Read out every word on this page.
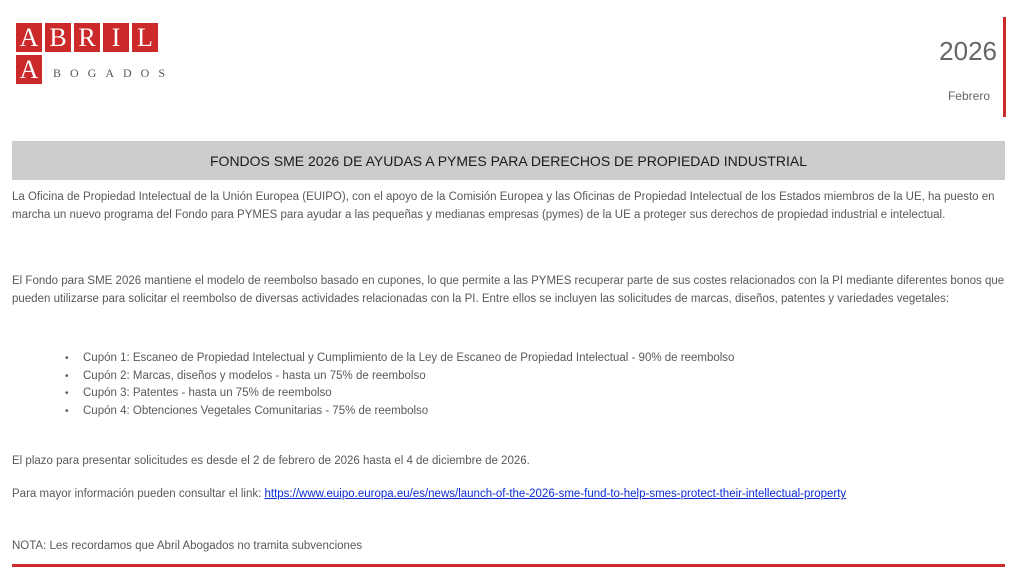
A B R I L
A	BOGADOS
2026
Febrero
FONDOS SME 2026 DE AYUDAS A PYMES PARA DERECHOS DE PROPIEDAD INDUSTRIAL

La Oficina de Propiedad Intelectual de la Unión Europea (EUIPO), con el apoyo de la Comisión Europea y las Oficinas de Propiedad Intelectual de los Estados miembros de la UE, ha puesto en marcha un nuevo programa del Fondo para PYMES para ayudar a las pequeñas y medianas empresas (pymes) de la UE a proteger sus derechos de propiedad industrial e intelectual.

El Fondo para SME 2026 mantiene el modelo de reembolso basado en cupones, lo que permite a las PYMES recuperar parte de sus costes relacionados con la PI mediante diferentes bonos que pueden utilizarse para solicitar el reembolso de diversas actividades relacionadas con la PI. Entre ellos se incluyen las solicitudes de marcas, diseños, patentes y variedades vegetales:

• Cupón 1: Escaneo de Propiedad Intelectual y Cumplimiento de la Ley de Escaneo de Propiedad Intelectual - 90% de reembolso
• Cupón 2: Marcas, diseños y modelos - hasta un 75% de reembolso
• Cupón 3: Patentes - hasta un 75% de reembolso
• Cupón 4: Obtenciones Vegetales Comunitarias - 75% de reembolso

El plazo para presentar solicitudes es desde el 2 de febrero de 2026 hasta el 4 de diciembre de 2026.

Para mayor información pueden consultar el link: https://www.euipo.europa.eu/es/news/launch-of-the-2026-sme-fund-to-help-smes-protect-their-intellectual-property

NOTA: Les recordamos que Abril Abogados no tramita subvenciones
